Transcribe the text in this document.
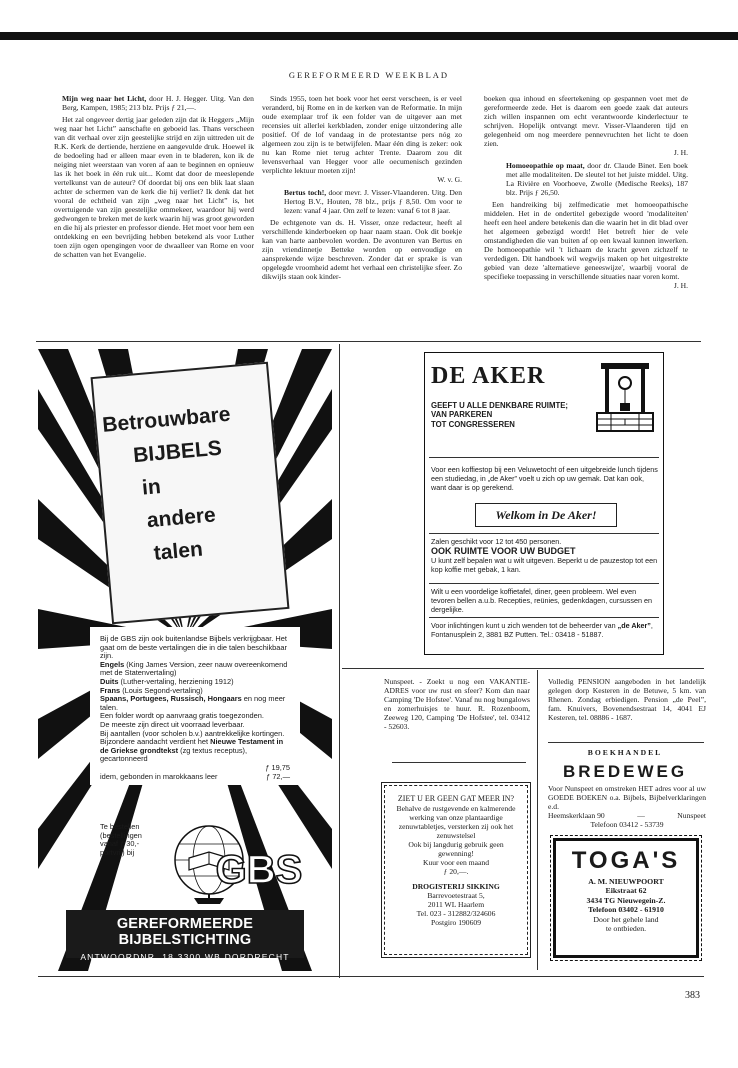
GEREFORMEERD WEEKBLAD

Mijn weg naar het Licht, door H. J. Hegger. Uitg. Van den Berg, Kampen, 1985; 213 blz. Prijs ƒ 21,—.

Het zal ongeveer dertig jaar geleden zijn dat ik Heggers „Mijn weg naar het Licht” aanschafte en geboeid las. Thans verscheen van dit verhaal over zijn geestelijke strijd en zijn uittreden uit de R.K. Kerk de dertiende, herziene en aangevulde druk. Hoewel ik de bedoeling had er alleen maar even in te bladeren, kon ik de neiging niet weerstaan van voren af aan te beginnen en opnieuw las ik het boek in één ruk uit... Komt dat door de meeslepende vertelkunst van de auteur? Of doordat bij ons een blik laat slaan achter de schermen van de kerk die hij verliet? Ik denk dat het vooral de echtheid van zijn „weg naar het Licht” is, het overtuigende van zijn geestelijke ommekeer, waardoor hij werd gedwongen te breken met de kerk waarin hij was groot geworden en die hij als priester en professor diende. Het moet voor hem een ontdekking en een bevrijding hebben betekend als voor Luther toen zijn ogen opengingen voor de dwaalleer van Rome en voor de schatten van het Evangelie.

Sinds 1955, toen het boek voor het eerst verscheen, is er veel veranderd, bij Rome en in de kerken van de Reformatie. In mijn oude exemplaar trof ik een folder van de uitgever aan met recensies uit allerlei kerkbladen, zonder enige uitzondering alle positief. Of de lof vandaag in de protestantse pers nóg zo algemeen zou zijn is te betwijfelen. Maar één ding is zeker: ook nu kan Rome niet terug achter Trente. Daarom zou dit levensverhaal van Hegger voor alle oecumenisch gezinden verplichte lektuur moeten zijn!
W. v. G.

Bertus toch!, door mevr. J. Visser-Vlaanderen. Uitg. Den Hertog B.V., Houten, 78 blz., prijs ƒ 8,50. Om voor te lezen: vanaf 4 jaar. Om zelf te lezen: vanaf 6 tot 8 jaar.

De echtgenote van ds. H. Visser, onze redacteur, heeft al verschillende kinderboeken op haar naam staan. Ook dit boekje kan van harte aanbevolen worden. De avonturen van Bertus en zijn vriendinnetje Betteke worden op eenvoudige en aansprekende wijze beschreven. Zonder dat er sprake is van opgelegde vroomheid ademt het verhaal een christelijke sfeer. Zo dikwijls staan ook kinder-

boeken qua inhoud en sfeertekening op gespannen voet met de gereformeerde zede. Het is daarom een goede zaak dat auteurs zich willen inspannen om echt verantwoorde kinderlectuur te schrijven. Hopelijk ontvangt mevr. Visser-Vlaanderen tijd en gelegenheid om nog meerdere pennevruchten het licht te doen zien.
J. H.

Homoeopathie op maat, door dr. Claude Binet. Een boek met alle modaliteiten. De sleutel tot het juiste middel. Uitg. La Rivière en Voorhoeve, Zwolle (Medische Reeks), 187 blz. Prijs ƒ 26,50.

Een handreiking bij zelfmedicatie met homoeopathische middelen. Het in de ondertitel gebezigde woord 'modaliteiten' heeft een heel andere betekenis dan die waarin het in dit blad over het algemeen gebezigd wordt! Het betreft hier de vele omstandigheden die van buiten af op een kwaal kunnen inwerken. De homoeopathie wil 't lichaam de kracht geven zichzelf te verdedigen. Dit handboek wil wegwijs maken op het uitgestrekte gebied van deze 'alternatieve geneeswijze', waarbij vooral de specifieke toepassing in verschillende situaties naar voren komt.
J. H.

Betrouwbare
BIJBELS
in
andere
talen

Bij de GBS zijn ook buitenlandse Bijbels verkrijgbaar. Het gaat om de beste vertalingen die in die talen beschikbaar zijn.

Engels (King James Version, zeer nauw overeenkomend met de Statenvertaling)

Duits (Luther-vertaling, herziening 1912)

Frans (Louis Segond-vertaling)

Spaans, Portugees, Russisch, Hongaars en nog meer talen.

Een folder wordt op aanvraag gratis toegezonden.

De meeste zijn direct uit voorraad leverbaar.

Bij aantallen (voor scholen b.v.) aantrekkelijke kortingen.

Bijzondere aandacht verdient het Nieuwe Testament in de Griekse grondtekst (zg textus receptus), gecartonneerd

ƒ 19,75
idem, gebonden in marokkaans leer	ƒ 72,—
Te bestellen (bestellingen vanaf ƒ 30,- portvrij) bij	GBS
GEREFORMEERDE BIJBELSTICHTING
ANTWOORDNR. 18 3300 WB DORDRECHT
DE AKER
GEEFT U ALLE DENKBARE RUIMTE;
VAN PARKEREN
TOT CONGRESSEREN
Voor een koffiestop bij een Veluwetocht of een uitgebreide lunch tijdens een studiedag, in „de Aker” voelt u zich op uw gemak. Dat kan ook, want daar is op gerekend.
Welkom in De Aker!
Zalen geschikt voor 12 tot 450 personen.
OOK RUIMTE VOOR UW BUDGET
U kunt zelf bepalen wat u wilt uitgeven. Beperkt u de pauzestop tot een kop koffie met gebak, 1 kan.
Wilt u een voordelige koffietafel, diner, geen probleem. Wel even tevoren bellen a.u.b. Recepties, reünies, gedenkdagen, cursussen en dergelijke.
Voor inlichtingen kunt u zich wenden tot de beheerder van „de Aker”, Fontanusplein 2, 3881 BZ Putten. Tel.: 03418 - 51887.
Nunspeet. - Zoekt u nog een VAKANTIE-ADRES voor uw rust en sfeer? Kom dan naar Camping 'De Hofstee'. Vanaf nu nog bungalows en zomerhuisjes te huur. R. Rozenboom, Zeeweg 120, Camping 'De Hofstee', tel. 03412 - 52603.
Volledig PENSION aangeboden in het landelijk gelegen dorp Kesteren in de Betuwe, 5 km. van Rhenen. Zondag erbiedigen. Pension „de Peel”, fam. Knuivers, Bovenendsestraat 14, 4041 EJ Kesteren, tel. 08886 - 1687.
ZIET U ER GEEN GAT MEER IN?
Behalve de rustgevende en kalmerende werking van onze plantaardige zenuwtabletjes, versterken zij ook het zenuwstelsel
Ook bij langdurig gebruik geen gewenning!
Kuur voor een maand
ƒ 20,—.
DROGISTERIJ SIKKING
Barrevoetestraat 5,
2011 WL Haarlem
Tel. 023 - 312882/324606
Postgiro 190609
BOEKHANDEL
BREDEWEG
Voor Nunspeet en omstreken HET adres voor al uw GOEDE BOEKEN o.a. Bijbels, Bijbelverklaringen e.d.
Heemskerklaan 90	—	Nunspeet
Telefoon 03412 - 53739
TOGA'S
A. M. NIEUWPOORT
Eikstraat 62
3434 TG Nieuwegein-Z.
Telefoon 03402 - 61910
Door het gehele land
te ontbieden.
383
